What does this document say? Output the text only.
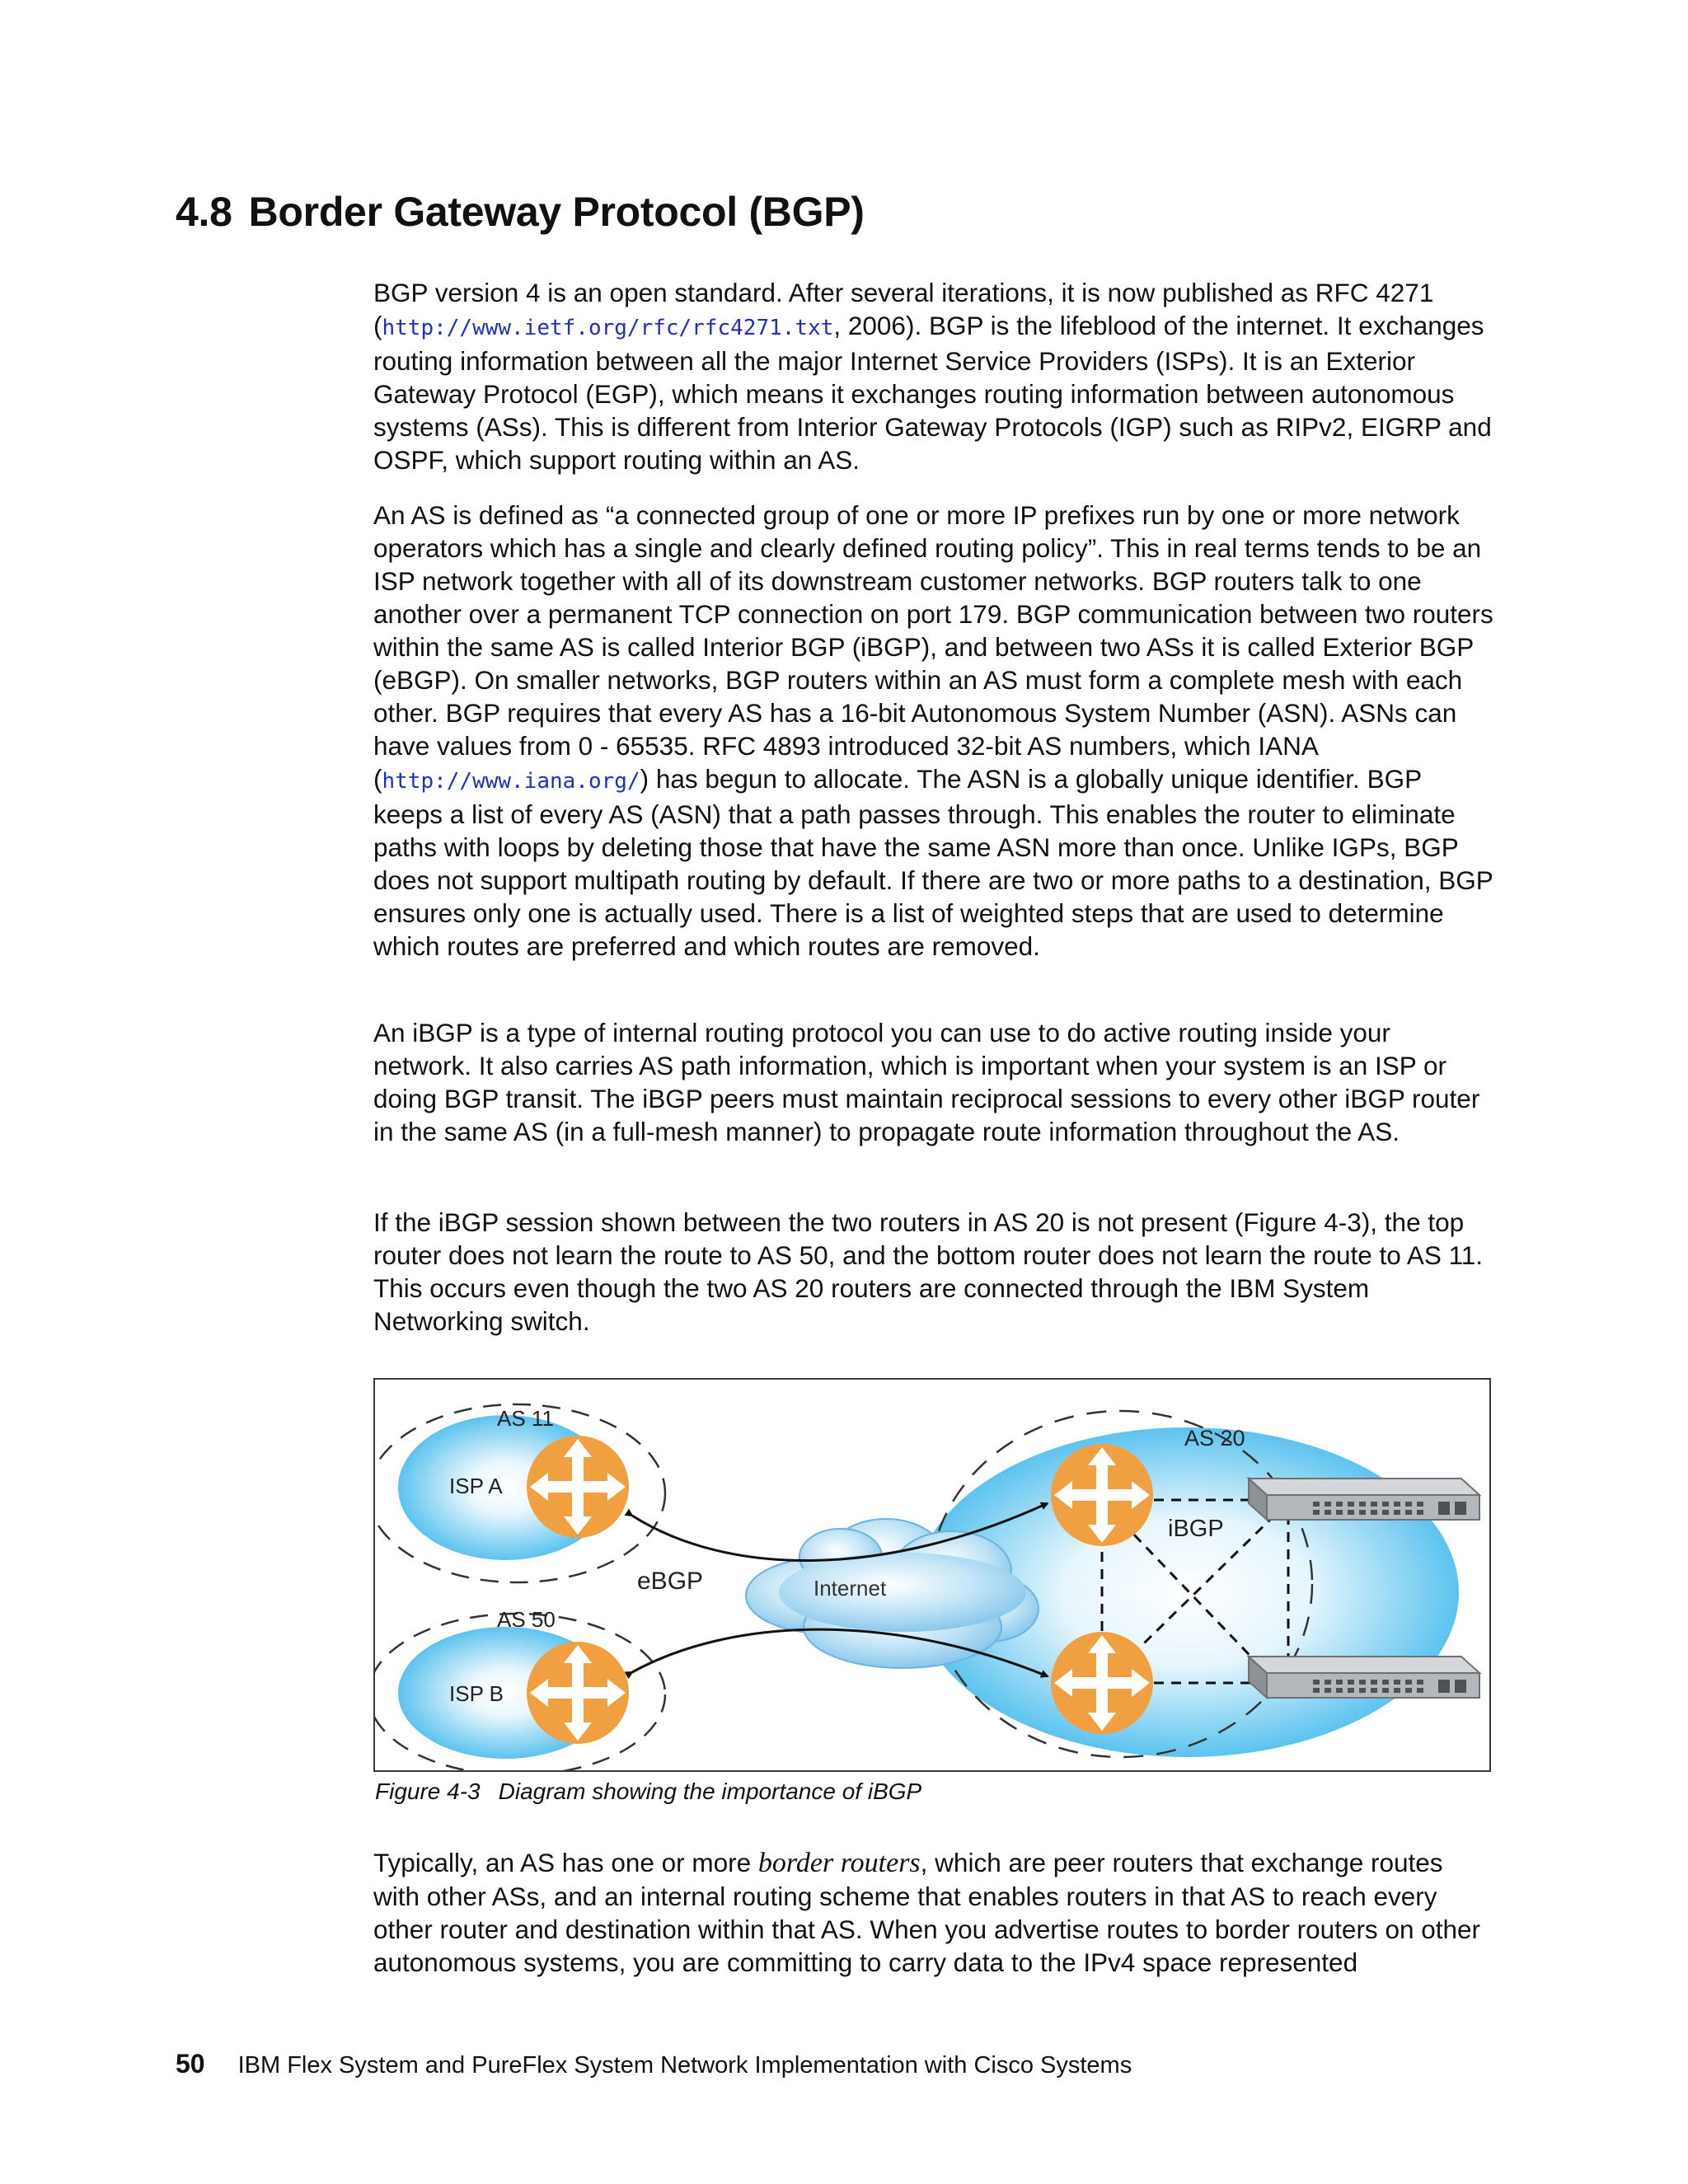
4.8 Border Gateway Protocol (BGP)

BGP version 4 is an open standard. After several iterations, it is now published as RFC 4271 (http://www.ietf.org/rfc/rfc4271.txt, 2006). BGP is the lifeblood of the internet. It exchanges routing information between all the major Internet Service Providers (ISPs). It is an Exterior Gateway Protocol (EGP), which means it exchanges routing information between autonomous systems (ASs). This is different from Interior Gateway Protocols (IGP) such as RIPv2, EIGRP and OSPF, which support routing within an AS.

An AS is defined as “a connected group of one or more IP prefixes run by one or more network operators which has a single and clearly defined routing policy”. This in real terms tends to be an ISP network together with all of its downstream customer networks. BGP routers talk to one another over a permanent TCP connection on port 179. BGP communication between two routers within the same AS is called Interior BGP (iBGP), and between two ASs it is called Exterior BGP (eBGP). On smaller networks, BGP routers within an AS must form a complete mesh with each other. BGP requires that every AS has a 16-bit Autonomous System Number (ASN). ASNs can have values from 0 - 65535. RFC 4893 introduced 32-bit AS numbers, which IANA (http://www.iana.org/) has begun to allocate. The ASN is a globally unique identifier. BGP keeps a list of every AS (ASN) that a path passes through. This enables the router to eliminate paths with loops by deleting those that have the same ASN more than once. Unlike IGPs, BGP does not support multipath routing by default. If there are two or more paths to a destination, BGP ensures only one is actually used. There is a list of weighted steps that are used to determine which routes are preferred and which routes are removed.

An iBGP is a type of internal routing protocol you can use to do active routing inside your network. It also carries AS path information, which is important when your system is an ISP or doing BGP transit. The iBGP peers must maintain reciprocal sessions to every other iBGP router in the same AS (in a full-mesh manner) to propagate route information throughout the AS.

If the iBGP session shown between the two routers in AS 20 is not present (Figure 4-3), the top router does not learn the route to AS 50, and the bottom router does not learn the route to AS 11. This occurs even though the two AS 20 routers are connected through the IBM System Networking switch.

Typically, an AS has one or more border routers, which are peer routers that exchange routes with other ASs, and an internal routing scheme that enables routers in that AS to reach every other router and destination within that AS. When you advertise routes to border routers on other autonomous systems, you are committing to carry data to the IPv4 space represented

AS 11
ISP A
AS 50
ISP B
AS 20
iBGP
Internet
eBGP

Figure 4-3 Diagram showing the importance of iBGP

50 IBM Flex System and PureFlex System Network Implementation with Cisco Systems
